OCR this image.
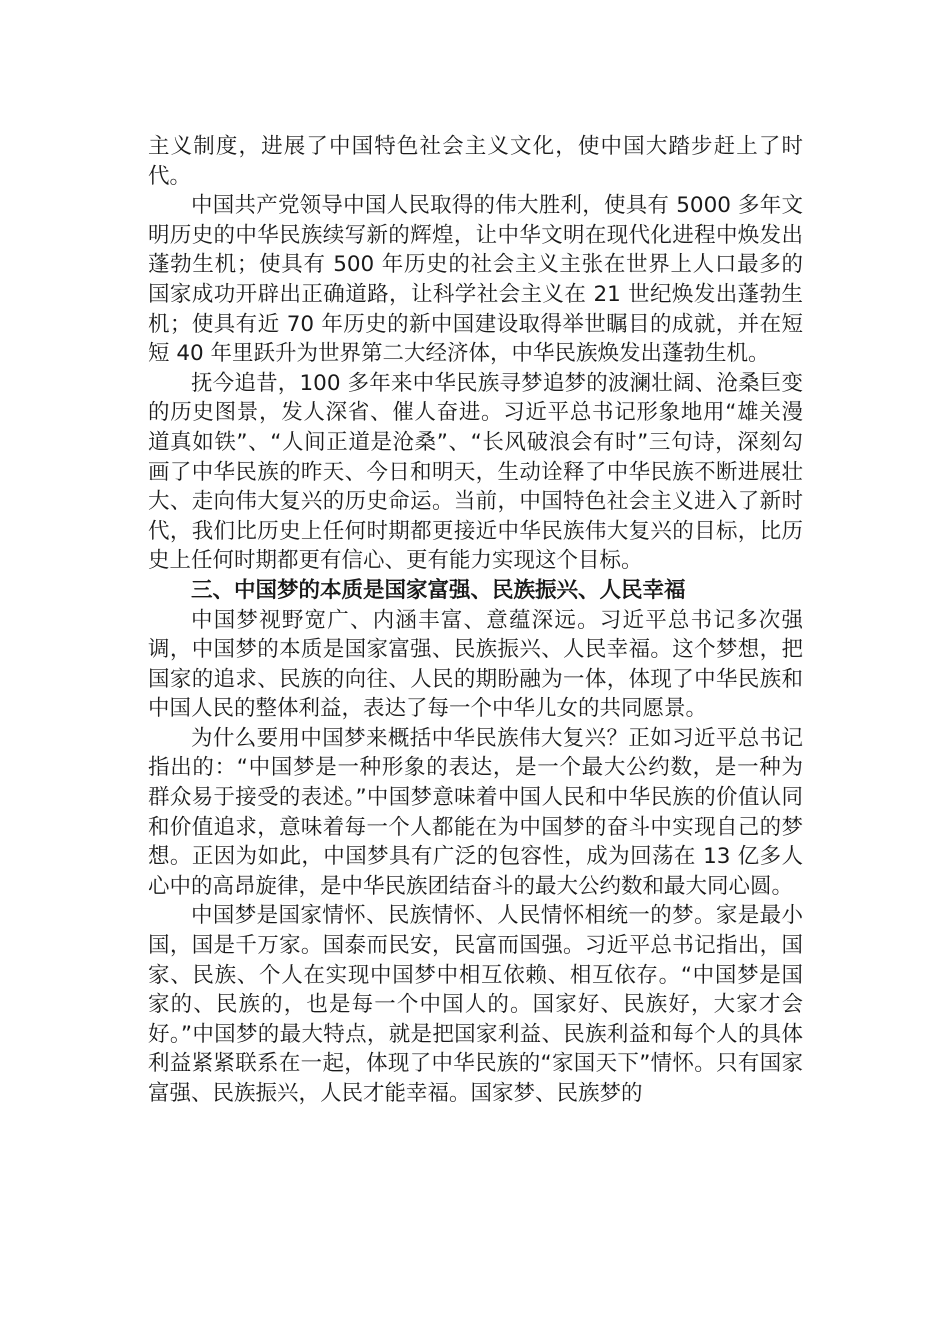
主义制度，进展了中国特色社会主义文化，使中国大踏步赶上了时代。

中国共产党领导中国人民取得的伟大胜利，使具有 5000 多年文明历史的中华民族续写新的辉煌，让中华文明在现代化进程中焕发出蓬勃生机；使具有 500 年历史的社会主义主张在世界上人口最多的国家成功开辟出正确道路，让科学社会主义在 21 世纪焕发出蓬勃生机；使具有近 70 年历史的新中国建设取得举世瞩目的成就，并在短短 40 年里跃升为世界第二大经济体，中华民族焕发出蓬勃生机。

抚今追昔，100 多年来中华民族寻梦追梦的波澜壮阔、沧桑巨变的历史图景，发人深省、催人奋进。习近平总书记形象地用“雄关漫道真如铁”、“人间正道是沧桑”、“长风破浪会有时”三句诗，深刻勾画了中华民族的昨天、今日和明天，生动诠释了中华民族不断进展壮大、走向伟大复兴的历史命运。当前，中国特色社会主义进入了新时代，我们比历史上任何时期都更接近中华民族伟大复兴的目标，比历史上任何时期都更有信心、更有能力实现这个目标。

三、中国梦的本质是国家富强、民族振兴、人民幸福

中国梦视野宽广、内涵丰富、意蕴深远。习近平总书记多次强调，中国梦的本质是国家富强、民族振兴、人民幸福。这个梦想，把国家的追求、民族的向往、人民的期盼融为一体，体现了中华民族和中国人民的整体利益，表达了每一个中华儿女的共同愿景。

为什么要用中国梦来概括中华民族伟大复兴？正如习近平总书记指出的：“中国梦是一种形象的表达，是一个最大公约数，是一种为群众易于接受的表述。”中国梦意味着中国人民和中华民族的价值认同和价值追求，意味着每一个人都能在为中国梦的奋斗中实现自己的梦想。正因为如此，中国梦具有广泛的包容性，成为回荡在 13 亿多人心中的高昂旋律，是中华民族团结奋斗的最大公约数和最大同心圆。

中国梦是国家情怀、民族情怀、人民情怀相统一的梦。家是最小国，国是千万家。国泰而民安，民富而国强。习近平总书记指出，国家、民族、个人在实现中国梦中相互依赖、相互依存。“中国梦是国家的、民族的，也是每一个中国人的。国家好、民族好，大家才会好。”中国梦的最大特点，就是把国家利益、民族利益和每个人的具体利益紧紧联系在一起，体现了中华民族的“家国天下”情怀。只有国家富强、民族振兴，人民才能幸福。国家梦、民族梦的
